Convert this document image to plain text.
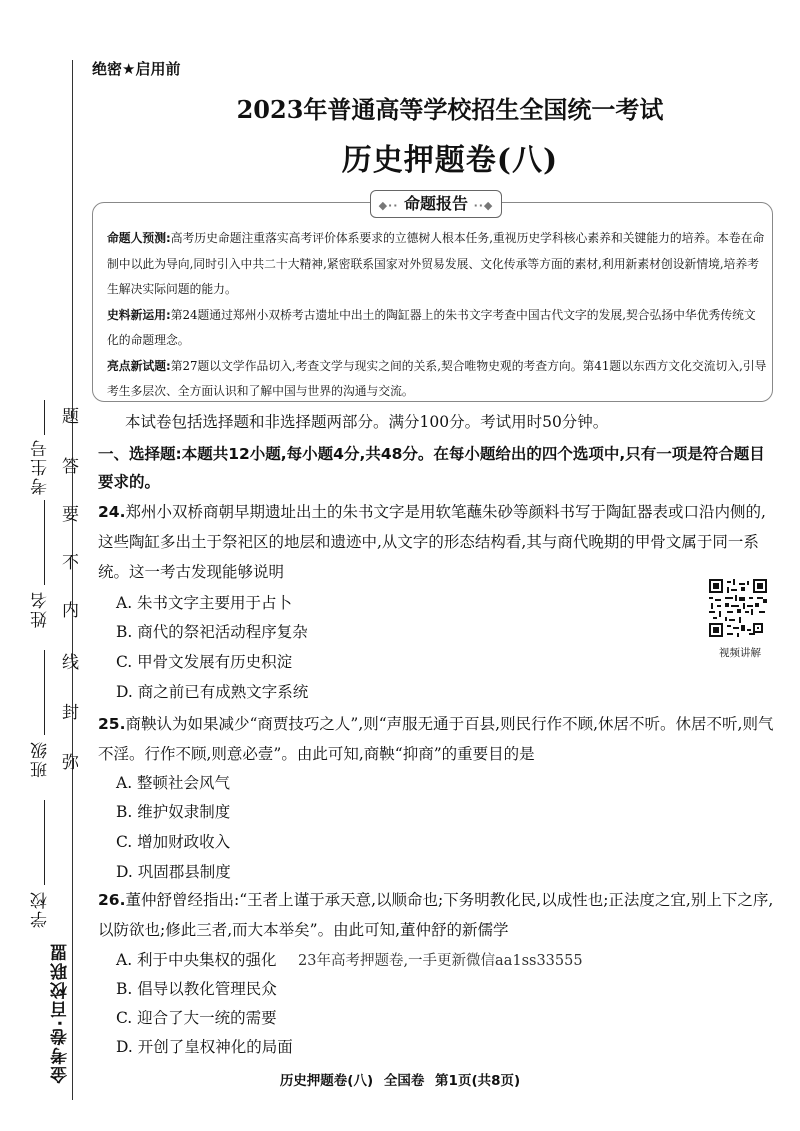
金考卷·百校联盟
学校
班级
姓名
考生号
弥
封
线
内
不
要
答
题
绝密★启用前
2023年普通高等学校招生全国统一考试
历史押题卷(八)
◆·· 命题报告 ··◆

命题人预测:高考历史命题注重落实高考评价体系要求的立德树人根本任务,重视历史学科核心素养和关键能力的培养。本卷在命制中以此为导向,同时引入中共二十大精神,紧密联系国家对外贸易发展、文化传承等方面的素材,利用新素材创设新情境,培养考生解决实际问题的能力。

史料新运用:第24题通过郑州小双桥考古遗址中出土的陶缸器上的朱书文字考查中国古代文字的发展,契合弘扬中华优秀传统文化的命题理念。

亮点新试题:第27题以文学作品切入,考查文学与现实之间的关系,契合唯物史观的考查方向。第41题以东西方文化交流切入,引导考生多层次、全方面认识和了解中国与世界的沟通与交流。

本试卷包括选择题和非选择题两部分。满分100分。考试用时50分钟。
一、选择题:本题共12小题,每小题4分,共48分。在每小题给出的四个选项中,只有一项是符合题目要求的。
24.郑州小双桥商朝早期遗址出土的朱书文字是用软笔蘸朱砂等颜料书写于陶缸器表或口沿内侧的,这些陶缸多出土于祭祀区的地层和遗迹中,从文字的形态结构看,其与商代晚期的甲骨文属于同一系统。这一考古发现能够说明
A. 朱书文字主要用于占卜
B. 商代的祭祀活动程序复杂
C. 甲骨文发展有历史积淀
D. 商之前已有成熟文字系统
视频讲解
25.商鞅认为如果减少“商贾技巧之人”,则“声服无通于百县,则民行作不顾,休居不听。休居不听,则气不淫。行作不顾,则意必壹”。由此可知,商鞅“抑商”的重要目的是
A. 整顿社会风气
B. 维护奴隶制度
C. 增加财政收入
D. 巩固郡县制度
26.董仲舒曾经指出:“王者上谨于承天意,以顺命也;下务明教化民,以成性也;正法度之宜,别上下之序,以防欲也;修此三者,而大本举矣”。由此可知,董仲舒的新儒学
A. 利于中央集权的强化 23年高考押题卷,一手更新微信aa1ss33555
B. 倡导以教化管理民众
C. 迎合了大一统的需要
D. 开创了皇权神化的局面
历史押题卷(八) 全国卷 第1页(共8页)
